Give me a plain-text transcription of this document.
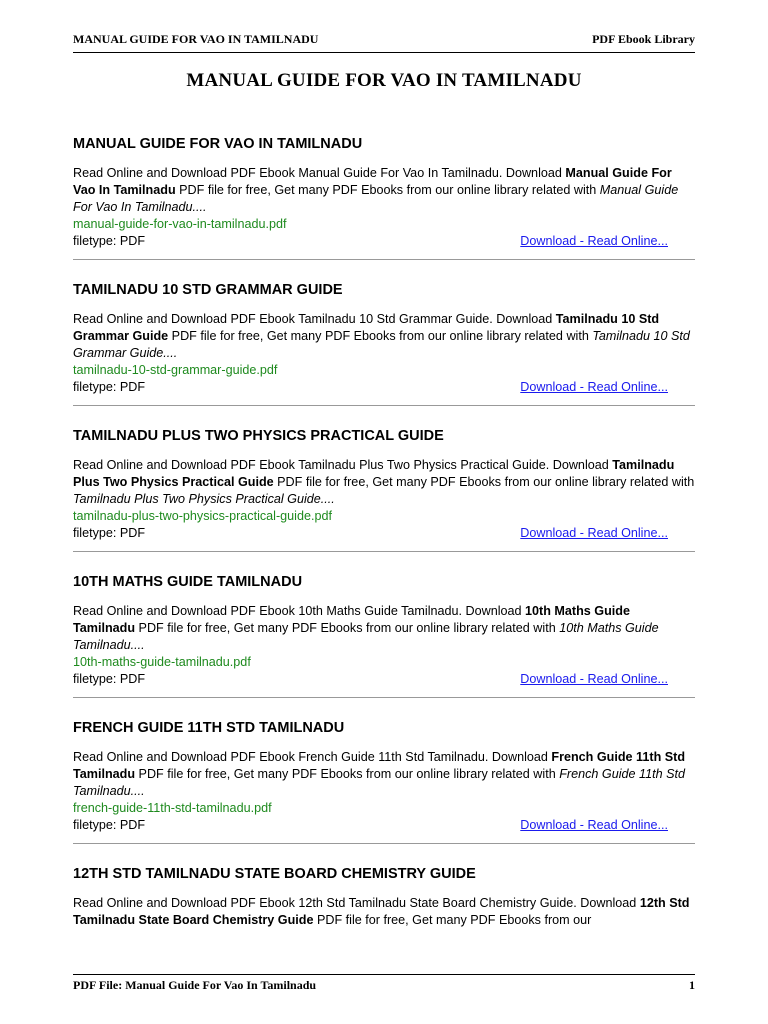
MANUAL GUIDE FOR VAO IN TAMILNADU	PDF Ebook Library
MANUAL GUIDE FOR VAO IN TAMILNADU
MANUAL GUIDE FOR VAO IN TAMILNADU

Read Online and Download PDF Ebook Manual Guide For Vao In Tamilnadu. Download Manual Guide For Vao In Tamilnadu PDF file for free, Get many PDF Ebooks from our online library related with Manual Guide For Vao In Tamilnadu....

manual-guide-for-vao-in-tamilnadu.pdf
filetype: PDF	Download - Read Online...
TAMILNADU 10 STD GRAMMAR GUIDE

Read Online and Download PDF Ebook Tamilnadu 10 Std Grammar Guide. Download Tamilnadu 10 Std Grammar Guide PDF file for free, Get many PDF Ebooks from our online library related with Tamilnadu 10 Std Grammar Guide....

tamilnadu-10-std-grammar-guide.pdf
filetype: PDF	Download - Read Online...
TAMILNADU PLUS TWO PHYSICS PRACTICAL GUIDE

Read Online and Download PDF Ebook Tamilnadu Plus Two Physics Practical Guide. Download Tamilnadu Plus Two Physics Practical Guide PDF file for free, Get many PDF Ebooks from our online library related with Tamilnadu Plus Two Physics Practical Guide....

tamilnadu-plus-two-physics-practical-guide.pdf
filetype: PDF	Download - Read Online...
10TH MATHS GUIDE TAMILNADU

Read Online and Download PDF Ebook 10th Maths Guide Tamilnadu. Download 10th Maths Guide Tamilnadu PDF file for free, Get many PDF Ebooks from our online library related with 10th Maths Guide Tamilnadu....

10th-maths-guide-tamilnadu.pdf
filetype: PDF	Download - Read Online...
FRENCH GUIDE 11TH STD TAMILNADU

Read Online and Download PDF Ebook French Guide 11th Std Tamilnadu. Download French Guide 11th Std Tamilnadu PDF file for free, Get many PDF Ebooks from our online library related with French Guide 11th Std Tamilnadu....

french-guide-11th-std-tamilnadu.pdf
filetype: PDF	Download - Read Online...
12TH STD TAMILNADU STATE BOARD CHEMISTRY GUIDE

Read Online and Download PDF Ebook 12th Std Tamilnadu State Board Chemistry Guide. Download 12th Std Tamilnadu State Board Chemistry Guide PDF file for free, Get many PDF Ebooks from our

PDF File: Manual Guide For Vao In Tamilnadu	1
